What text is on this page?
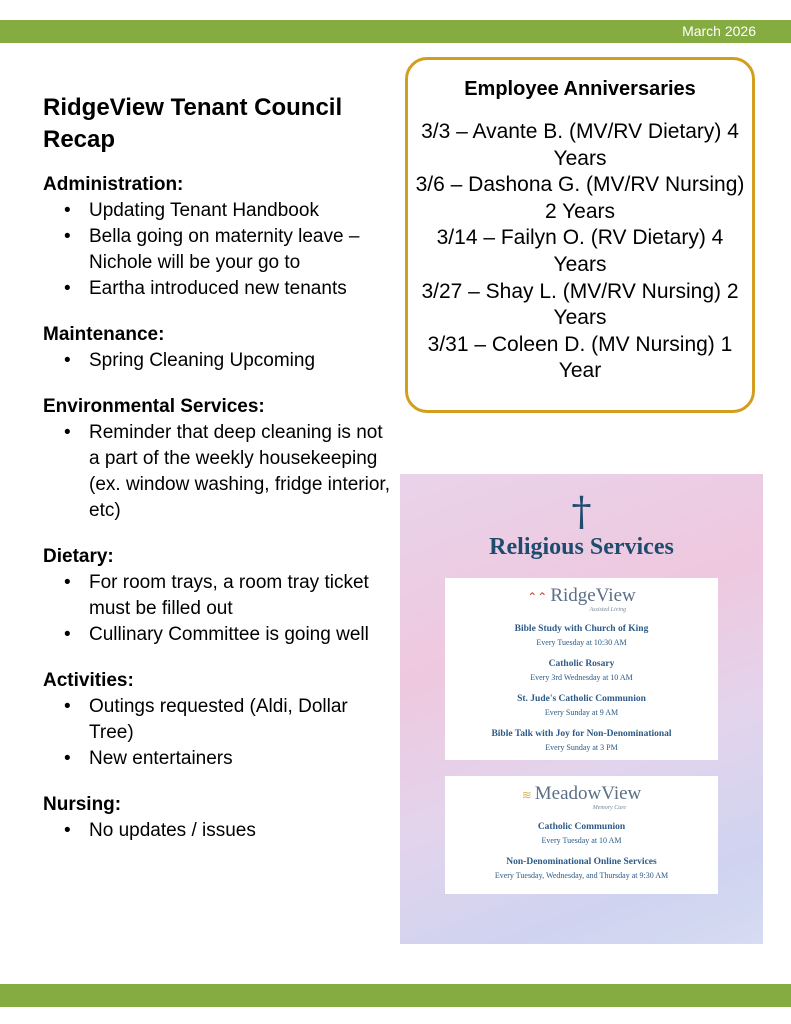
March 2026
RidgeView Tenant Council Recap
Administration:
• Updating Tenant Handbook
• Bella going on maternity leave – Nichole will be your go to
• Eartha introduced new tenants
Maintenance:
• Spring Cleaning Upcoming
Environmental Services:
• Reminder that deep cleaning is not a part of the weekly housekeeping (ex. window washing, fridge interior, etc)
Dietary:
• For room trays, a room tray ticket must be filled out
• Cullinary Committee is going well
Activities:
• Outings requested (Aldi, Dollar Tree)
• New entertainers
Nursing:
• No updates / issues
Employee Anniversaries
3/3 – Avante B. (MV/RV Dietary) 4 Years
3/6 – Dashona G. (MV/RV Nursing) 2 Years
3/14 – Failyn O. (RV Dietary) 4 Years
3/27 – Shay L. (MV/RV Nursing) 2 Years
3/31 – Coleen D. (MV Nursing) 1 Year
†
Religious Services
⌃⌃ RidgeView
Assisted Living
Bible Study with Church of King
Every Tuesday at 10:30 AM
Catholic Rosary
Every 3rd Wednesday at 10 AM
St. Jude's Catholic Communion
Every Sunday at 9 AM
Bible Talk with Joy for Non-Denominational
Every Sunday at 3 PM
≋ MeadowView
Memory Care
Catholic Communion
Every Tuesday at 10 AM
Non-Denominational Online Services
Every Tuesday, Wednesday, and Thursday at 9:30 AM
